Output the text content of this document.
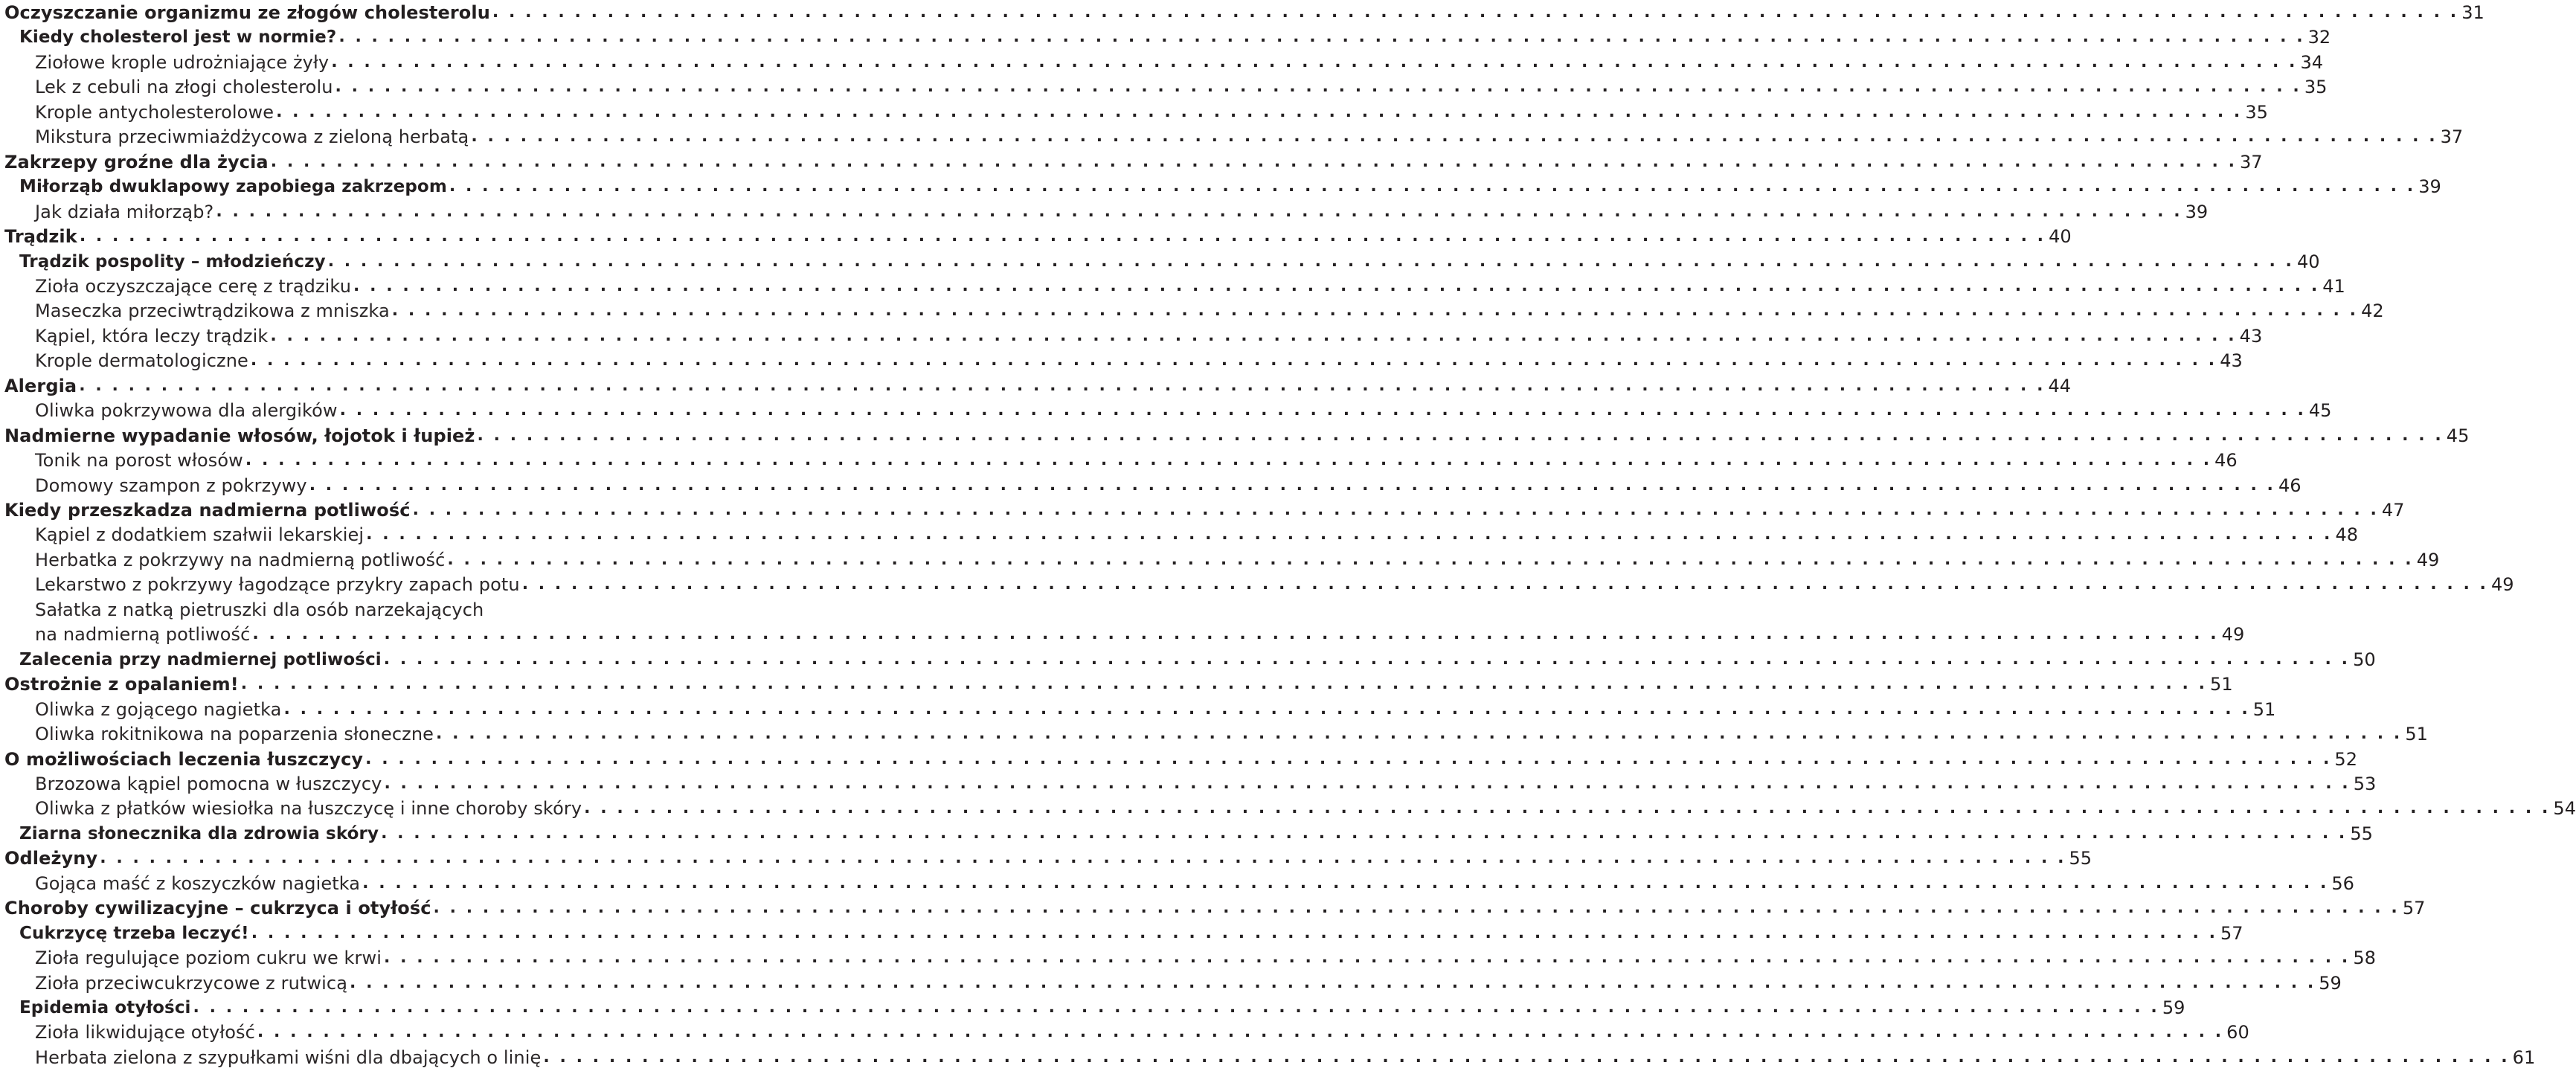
Oczyszczanie organizmu ze złogów cholesterolu . . . . . . . . . . . . . . . . . . . . . . . . . . . . . . . . . . . . . . . . . . . . . . . . . . . . . . . . . . . . . . . . . . . . . . . . . . . . . . . . . . . . . . . . . . . . . . . . . . . . . . . . . . . . . . . . . . . . . . . . 31
Kiedy cholesterol jest w normie? . . . . . . . . . . . . . . . . . . . . . . . . . . . . . . . . . . . . . . . . . . . . . . . . . . . . . . . . . . . . . . . . . . . . . . . . . . . . . . . . . . . . . . . . . . . . . . . . . . . . . . . . . . . . . . . . . . . . . . . . 32
Ziołowe krople udrożniające żyły . . . . . . . . . . . . . . . . . . . . . . . . . . . . . . . . . . . . . . . . . . . . . . . . . . . . . . . . . . . . . . . . . . . . . . . . . . . . . . . . . . . . . . . . . . . . . . . . . . . . . . . . . . . . . . . . . . . . . . . . 34
Lek z cebuli na złogi cholesterolu . . . . . . . . . . . . . . . . . . . . . . . . . . . . . . . . . . . . . . . . . . . . . . . . . . . . . . . . . . . . . . . . . . . . . . . . . . . . . . . . . . . . . . . . . . . . . . . . . . . . . . . . . . . . . . . . . . . . . . . . 35
Krople antycholesterolowe . . . . . . . . . . . . . . . . . . . . . . . . . . . . . . . . . . . . . . . . . . . . . . . . . . . . . . . . . . . . . . . . . . . . . . . . . . . . . . . . . . . . . . . . . . . . . . . . . . . . . . . . . . . . . . . . . . . . . . . . 35
Mikstura przeciwmiażdżycowa z zieloną herbatą . . . . . . . . . . . . . . . . . . . . . . . . . . . . . . . . . . . . . . . . . . . . . . . . . . . . . . . . . . . . . . . . . . . . . . . . . . . . . . . . . . . . . . . . . . . . . . . . . . . . . . . . . . . . . . . . . . . . . . . . 37
Zakrzepy groźne dla życia . . . . . . . . . . . . . . . . . . . . . . . . . . . . . . . . . . . . . . . . . . . . . . . . . . . . . . . . . . . . . . . . . . . . . . . . . . . . . . . . . . . . . . . . . . . . . . . . . . . . . . . . . . . . . . . . . . . . . . . . 37
Miłorząb dwuklapowy zapobiega zakrzepom . . . . . . . . . . . . . . . . . . . . . . . . . . . . . . . . . . . . . . . . . . . . . . . . . . . . . . . . . . . . . . . . . . . . . . . . . . . . . . . . . . . . . . . . . . . . . . . . . . . . . . . . . . . . . . . . . . . . . . . . 39
Jak działa miłorząb? . . . . . . . . . . . . . . . . . . . . . . . . . . . . . . . . . . . . . . . . . . . . . . . . . . . . . . . . . . . . . . . . . . . . . . . . . . . . . . . . . . . . . . . . . . . . . . . . . . . . . . . . . . . . . . . . . . . . . . . . 39
Trądzik . . . . . . . . . . . . . . . . . . . . . . . . . . . . . . . . . . . . . . . . . . . . . . . . . . . . . . . . . . . . . . . . . . . . . . . . . . . . . . . . . . . . . . . . . . . . . . . . . . . . . . . . . . . . . . . . . . . . . . . . 40
Trądzik pospolity – młodzieńczy . . . . . . . . . . . . . . . . . . . . . . . . . . . . . . . . . . . . . . . . . . . . . . . . . . . . . . . . . . . . . . . . . . . . . . . . . . . . . . . . . . . . . . . . . . . . . . . . . . . . . . . . . . . . . . . . . . . . . . . . 40
Zioła oczyszczające cerę z trądziku . . . . . . . . . . . . . . . . . . . . . . . . . . . . . . . . . . . . . . . . . . . . . . . . . . . . . . . . . . . . . . . . . . . . . . . . . . . . . . . . . . . . . . . . . . . . . . . . . . . . . . . . . . . . . . . . . . . . . . . . 41
Maseczka przeciwtrądzikowa z mniszka . . . . . . . . . . . . . . . . . . . . . . . . . . . . . . . . . . . . . . . . . . . . . . . . . . . . . . . . . . . . . . . . . . . . . . . . . . . . . . . . . . . . . . . . . . . . . . . . . . . . . . . . . . . . . . . . . . . . . . . . 42
Kąpiel, która leczy trądzik . . . . . . . . . . . . . . . . . . . . . . . . . . . . . . . . . . . . . . . . . . . . . . . . . . . . . . . . . . . . . . . . . . . . . . . . . . . . . . . . . . . . . . . . . . . . . . . . . . . . . . . . . . . . . . . . . . . . . . . . 43
Krople dermatologiczne . . . . . . . . . . . . . . . . . . . . . . . . . . . . . . . . . . . . . . . . . . . . . . . . . . . . . . . . . . . . . . . . . . . . . . . . . . . . . . . . . . . . . . . . . . . . . . . . . . . . . . . . . . . . . . . . . . . . . . . . 43
Alergia . . . . . . . . . . . . . . . . . . . . . . . . . . . . . . . . . . . . . . . . . . . . . . . . . . . . . . . . . . . . . . . . . . . . . . . . . . . . . . . . . . . . . . . . . . . . . . . . . . . . . . . . . . . . . . . . . . . . . . . . 44
Oliwka pokrzywowa dla alergików . . . . . . . . . . . . . . . . . . . . . . . . . . . . . . . . . . . . . . . . . . . . . . . . . . . . . . . . . . . . . . . . . . . . . . . . . . . . . . . . . . . . . . . . . . . . . . . . . . . . . . . . . . . . . . . . . . . . . . . . 45
Nadmierne wypadanie włosów, łojotok i łupież . . . . . . . . . . . . . . . . . . . . . . . . . . . . . . . . . . . . . . . . . . . . . . . . . . . . . . . . . . . . . . . . . . . . . . . . . . . . . . . . . . . . . . . . . . . . . . . . . . . . . . . . . . . . . . . . . . . . . . . . 45
Tonik na porost włosów . . . . . . . . . . . . . . . . . . . . . . . . . . . . . . . . . . . . . . . . . . . . . . . . . . . . . . . . . . . . . . . . . . . . . . . . . . . . . . . . . . . . . . . . . . . . . . . . . . . . . . . . . . . . . . . . . . . . . . . . 46
Domowy szampon z pokrzywy . . . . . . . . . . . . . . . . . . . . . . . . . . . . . . . . . . . . . . . . . . . . . . . . . . . . . . . . . . . . . . . . . . . . . . . . . . . . . . . . . . . . . . . . . . . . . . . . . . . . . . . . . . . . . . . . . . . . . . . . 46
Kiedy przeszkadza nadmierna potliwość . . . . . . . . . . . . . . . . . . . . . . . . . . . . . . . . . . . . . . . . . . . . . . . . . . . . . . . . . . . . . . . . . . . . . . . . . . . . . . . . . . . . . . . . . . . . . . . . . . . . . . . . . . . . . . . . . . . . . . . . 47
Kąpiel z dodatkiem szałwii lekarskiej . . . . . . . . . . . . . . . . . . . . . . . . . . . . . . . . . . . . . . . . . . . . . . . . . . . . . . . . . . . . . . . . . . . . . . . . . . . . . . . . . . . . . . . . . . . . . . . . . . . . . . . . . . . . . . . . . . . . . . . . 48
Herbatka z pokrzywy na nadmierną potliwość . . . . . . . . . . . . . . . . . . . . . . . . . . . . . . . . . . . . . . . . . . . . . . . . . . . . . . . . . . . . . . . . . . . . . . . . . . . . . . . . . . . . . . . . . . . . . . . . . . . . . . . . . . . . . . . . . . . . . . . . 49
Lekarstwo z pokrzywy łagodzące przykry zapach potu . . . . . . . . . . . . . . . . . . . . . . . . . . . . . . . . . . . . . . . . . . . . . . . . . . . . . . . . . . . . . . . . . . . . . . . . . . . . . . . . . . . . . . . . . . . . . . . . . . . . . . . . . . . . . . . . . . . . . . . . 49
Sałatka z natką pietruszki dla osób narzekających
na nadmierną potliwość . . . . . . . . . . . . . . . . . . . . . . . . . . . . . . . . . . . . . . . . . . . . . . . . . . . . . . . . . . . . . . . . . . . . . . . . . . . . . . . . . . . . . . . . . . . . . . . . . . . . . . . . . . . . . . . . . . . . . . . . 49
Zalecenia przy nadmiernej potliwości . . . . . . . . . . . . . . . . . . . . . . . . . . . . . . . . . . . . . . . . . . . . . . . . . . . . . . . . . . . . . . . . . . . . . . . . . . . . . . . . . . . . . . . . . . . . . . . . . . . . . . . . . . . . . . . . . . . . . . . . 50
Ostrożnie z opalaniem! . . . . . . . . . . . . . . . . . . . . . . . . . . . . . . . . . . . . . . . . . . . . . . . . . . . . . . . . . . . . . . . . . . . . . . . . . . . . . . . . . . . . . . . . . . . . . . . . . . . . . . . . . . . . . . . . . . . . . . . . 51
Oliwka z gojącego nagietka . . . . . . . . . . . . . . . . . . . . . . . . . . . . . . . . . . . . . . . . . . . . . . . . . . . . . . . . . . . . . . . . . . . . . . . . . . . . . . . . . . . . . . . . . . . . . . . . . . . . . . . . . . . . . . . . . . . . . . . . 51
Oliwka rokitnikowa na poparzenia słoneczne . . . . . . . . . . . . . . . . . . . . . . . . . . . . . . . . . . . . . . . . . . . . . . . . . . . . . . . . . . . . . . . . . . . . . . . . . . . . . . . . . . . . . . . . . . . . . . . . . . . . . . . . . . . . . . . . . . . . . . . . 51
O możliwościach leczenia łuszczycy . . . . . . . . . . . . . . . . . . . . . . . . . . . . . . . . . . . . . . . . . . . . . . . . . . . . . . . . . . . . . . . . . . . . . . . . . . . . . . . . . . . . . . . . . . . . . . . . . . . . . . . . . . . . . . . . . . . . . . . . 52
Brzozowa kąpiel pomocna w łuszczycy . . . . . . . . . . . . . . . . . . . . . . . . . . . . . . . . . . . . . . . . . . . . . . . . . . . . . . . . . . . . . . . . . . . . . . . . . . . . . . . . . . . . . . . . . . . . . . . . . . . . . . . . . . . . . . . . . . . . . . . . 53
Oliwka z płatków wiesiołka na łuszczycę i inne choroby skóry . . . . . . . . . . . . . . . . . . . . . . . . . . . . . . . . . . . . . . . . . . . . . . . . . . . . . . . . . . . . . . . . . . . . . . . . . . . . . . . . . . . . . . . . . . . . . . . . . . . . . . . . . . . . . . . . . . . . . . . . 54
Ziarna słonecznika dla zdrowia skóry . . . . . . . . . . . . . . . . . . . . . . . . . . . . . . . . . . . . . . . . . . . . . . . . . . . . . . . . . . . . . . . . . . . . . . . . . . . . . . . . . . . . . . . . . . . . . . . . . . . . . . . . . . . . . . . . . . . . . . . . 55
Odleżyny . . . . . . . . . . . . . . . . . . . . . . . . . . . . . . . . . . . . . . . . . . . . . . . . . . . . . . . . . . . . . . . . . . . . . . . . . . . . . . . . . . . . . . . . . . . . . . . . . . . . . . . . . . . . . . . . . . . . . . . . 55
Gojąca maść z koszyczków nagietka . . . . . . . . . . . . . . . . . . . . . . . . . . . . . . . . . . . . . . . . . . . . . . . . . . . . . . . . . . . . . . . . . . . . . . . . . . . . . . . . . . . . . . . . . . . . . . . . . . . . . . . . . . . . . . . . . . . . . . . . 56
Choroby cywilizacyjne – cukrzyca i otyłość . . . . . . . . . . . . . . . . . . . . . . . . . . . . . . . . . . . . . . . . . . . . . . . . . . . . . . . . . . . . . . . . . . . . . . . . . . . . . . . . . . . . . . . . . . . . . . . . . . . . . . . . . . . . . . . . . . . . . . . . 57
Cukrzycę trzeba leczyć! . . . . . . . . . . . . . . . . . . . . . . . . . . . . . . . . . . . . . . . . . . . . . . . . . . . . . . . . . . . . . . . . . . . . . . . . . . . . . . . . . . . . . . . . . . . . . . . . . . . . . . . . . . . . . . . . . . . . . . . . 57
Zioła regulujące poziom cukru we krwi . . . . . . . . . . . . . . . . . . . . . . . . . . . . . . . . . . . . . . . . . . . . . . . . . . . . . . . . . . . . . . . . . . . . . . . . . . . . . . . . . . . . . . . . . . . . . . . . . . . . . . . . . . . . . . . . . . . . . . . . 58
Zioła przeciwcukrzycowe z rutwicą . . . . . . . . . . . . . . . . . . . . . . . . . . . . . . . . . . . . . . . . . . . . . . . . . . . . . . . . . . . . . . . . . . . . . . . . . . . . . . . . . . . . . . . . . . . . . . . . . . . . . . . . . . . . . . . . . . . . . . . . 59
Epidemia otyłości . . . . . . . . . . . . . . . . . . . . . . . . . . . . . . . . . . . . . . . . . . . . . . . . . . . . . . . . . . . . . . . . . . . . . . . . . . . . . . . . . . . . . . . . . . . . . . . . . . . . . . . . . . . . . . . . . . . . . . . . 59
Zioła likwidujące otyłość . . . . . . . . . . . . . . . . . . . . . . . . . . . . . . . . . . . . . . . . . . . . . . . . . . . . . . . . . . . . . . . . . . . . . . . . . . . . . . . . . . . . . . . . . . . . . . . . . . . . . . . . . . . . . . . . . . . . . . . . 60
Herbata zielona z szypułkami wiśni dla dbających o linię . . . . . . . . . . . . . . . . . . . . . . . . . . . . . . . . . . . . . . . . . . . . . . . . . . . . . . . . . . . . . . . . . . . . . . . . . . . . . . . . . . . . . . . . . . . . . . . . . . . . . . . . . . . . . . . . . . . . . . . . 61
